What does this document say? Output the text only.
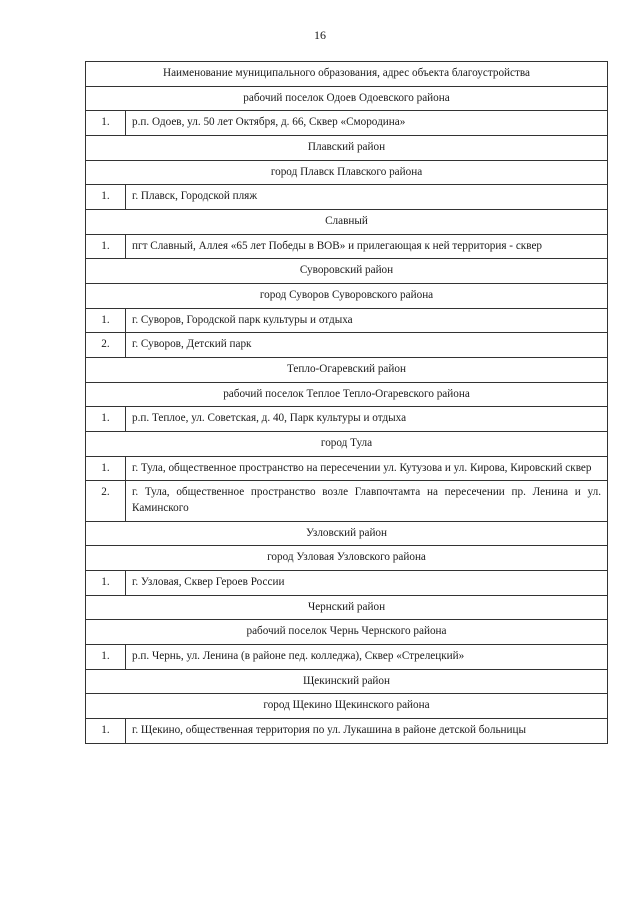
16
Наименование муниципального образования, адрес объекта благоустройства	
рабочий поселок Одоев Одоевского района	
1.	р.п. Одоев, ул. 50 лет Октября, д. 66, Сквер «Смородина»
Плавский район	
город Плавск Плавского района	
1.	г. Плавск, Городской пляж
Славный	
1.	пгт Славный, Аллея «65 лет Победы в ВОВ» и прилегающая к ней территория - сквер
Суворовский район	
город Суворов Суворовского района	
1.	г. Суворов, Городской парк культуры и отдыха
2.	г. Суворов, Детский парк
Тепло-Огаревский район	
рабочий поселок Теплое Тепло-Огаревского района	
1.	р.п. Теплое, ул. Советская, д. 40, Парк культуры и отдыха
город Тула	
1.	г. Тула, общественное пространство на пересечении ул. Кутузова и ул. Кирова, Кировский сквер
2.	г. Тула, общественное пространство возле Главпочтамта на пересечении пр. Ленина и ул. Каминского
Узловский район	
город Узловая Узловского района	
1.	г. Узловая, Сквер Героев России
Чернский район	
рабочий поселок Чернь Чернского района	
1.	р.п. Чернь, ул. Ленина (в районе пед. колледжа), Сквер «Стрелецкий»
Щекинский район	
город Щекино Щекинского района	
1.	г. Щекино, общественная территория по ул. Лукашина в районе детской больницы
